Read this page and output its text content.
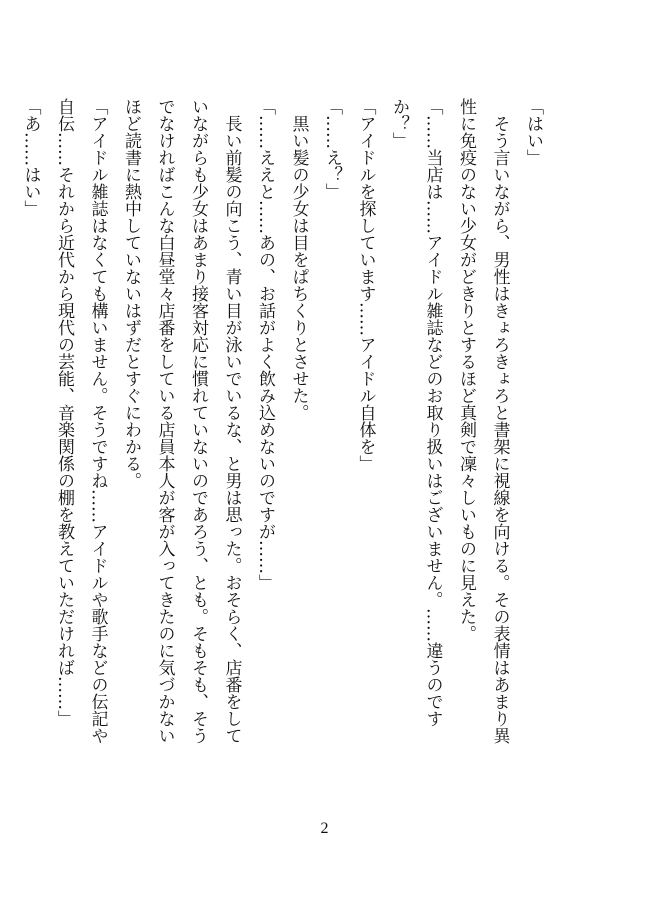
「はい」
　そう言いながら、男性はきょろきょろと書架に視線を向ける。その表情はあまり異
性に免疫のない少女がどきりとするほど真剣で凜々しいものに見えた。
「……当店は……アイドル雑誌などのお取り扱いはございません。……違うのです
か？」
「アイドルを探しています……アイドル自体を」
「……え？」
　黒い髪の少女は目をぱちくりとさせた。
「……ええと……あの、お話がよく飲み込めないのですが……」
　長い前髪の向こう、青い目が泳いでいるな、と男は思った。おそらく、店番をして
いながらも少女はあまり接客対応に慣れていないのであろう、とも。そもそも、そう
でなければこんな白昼堂々店番をしている店員本人が客が入ってきたのに気づかない
ほど読書に熱中していないはずだとすぐにわかる。
「アイドル雑誌はなくても構いません。そうですね……アイドルや歌手などの伝記や
自伝……それから近代から現代の芸能、音楽関係の棚を教えていただければ……」
「あ……はい」
2
